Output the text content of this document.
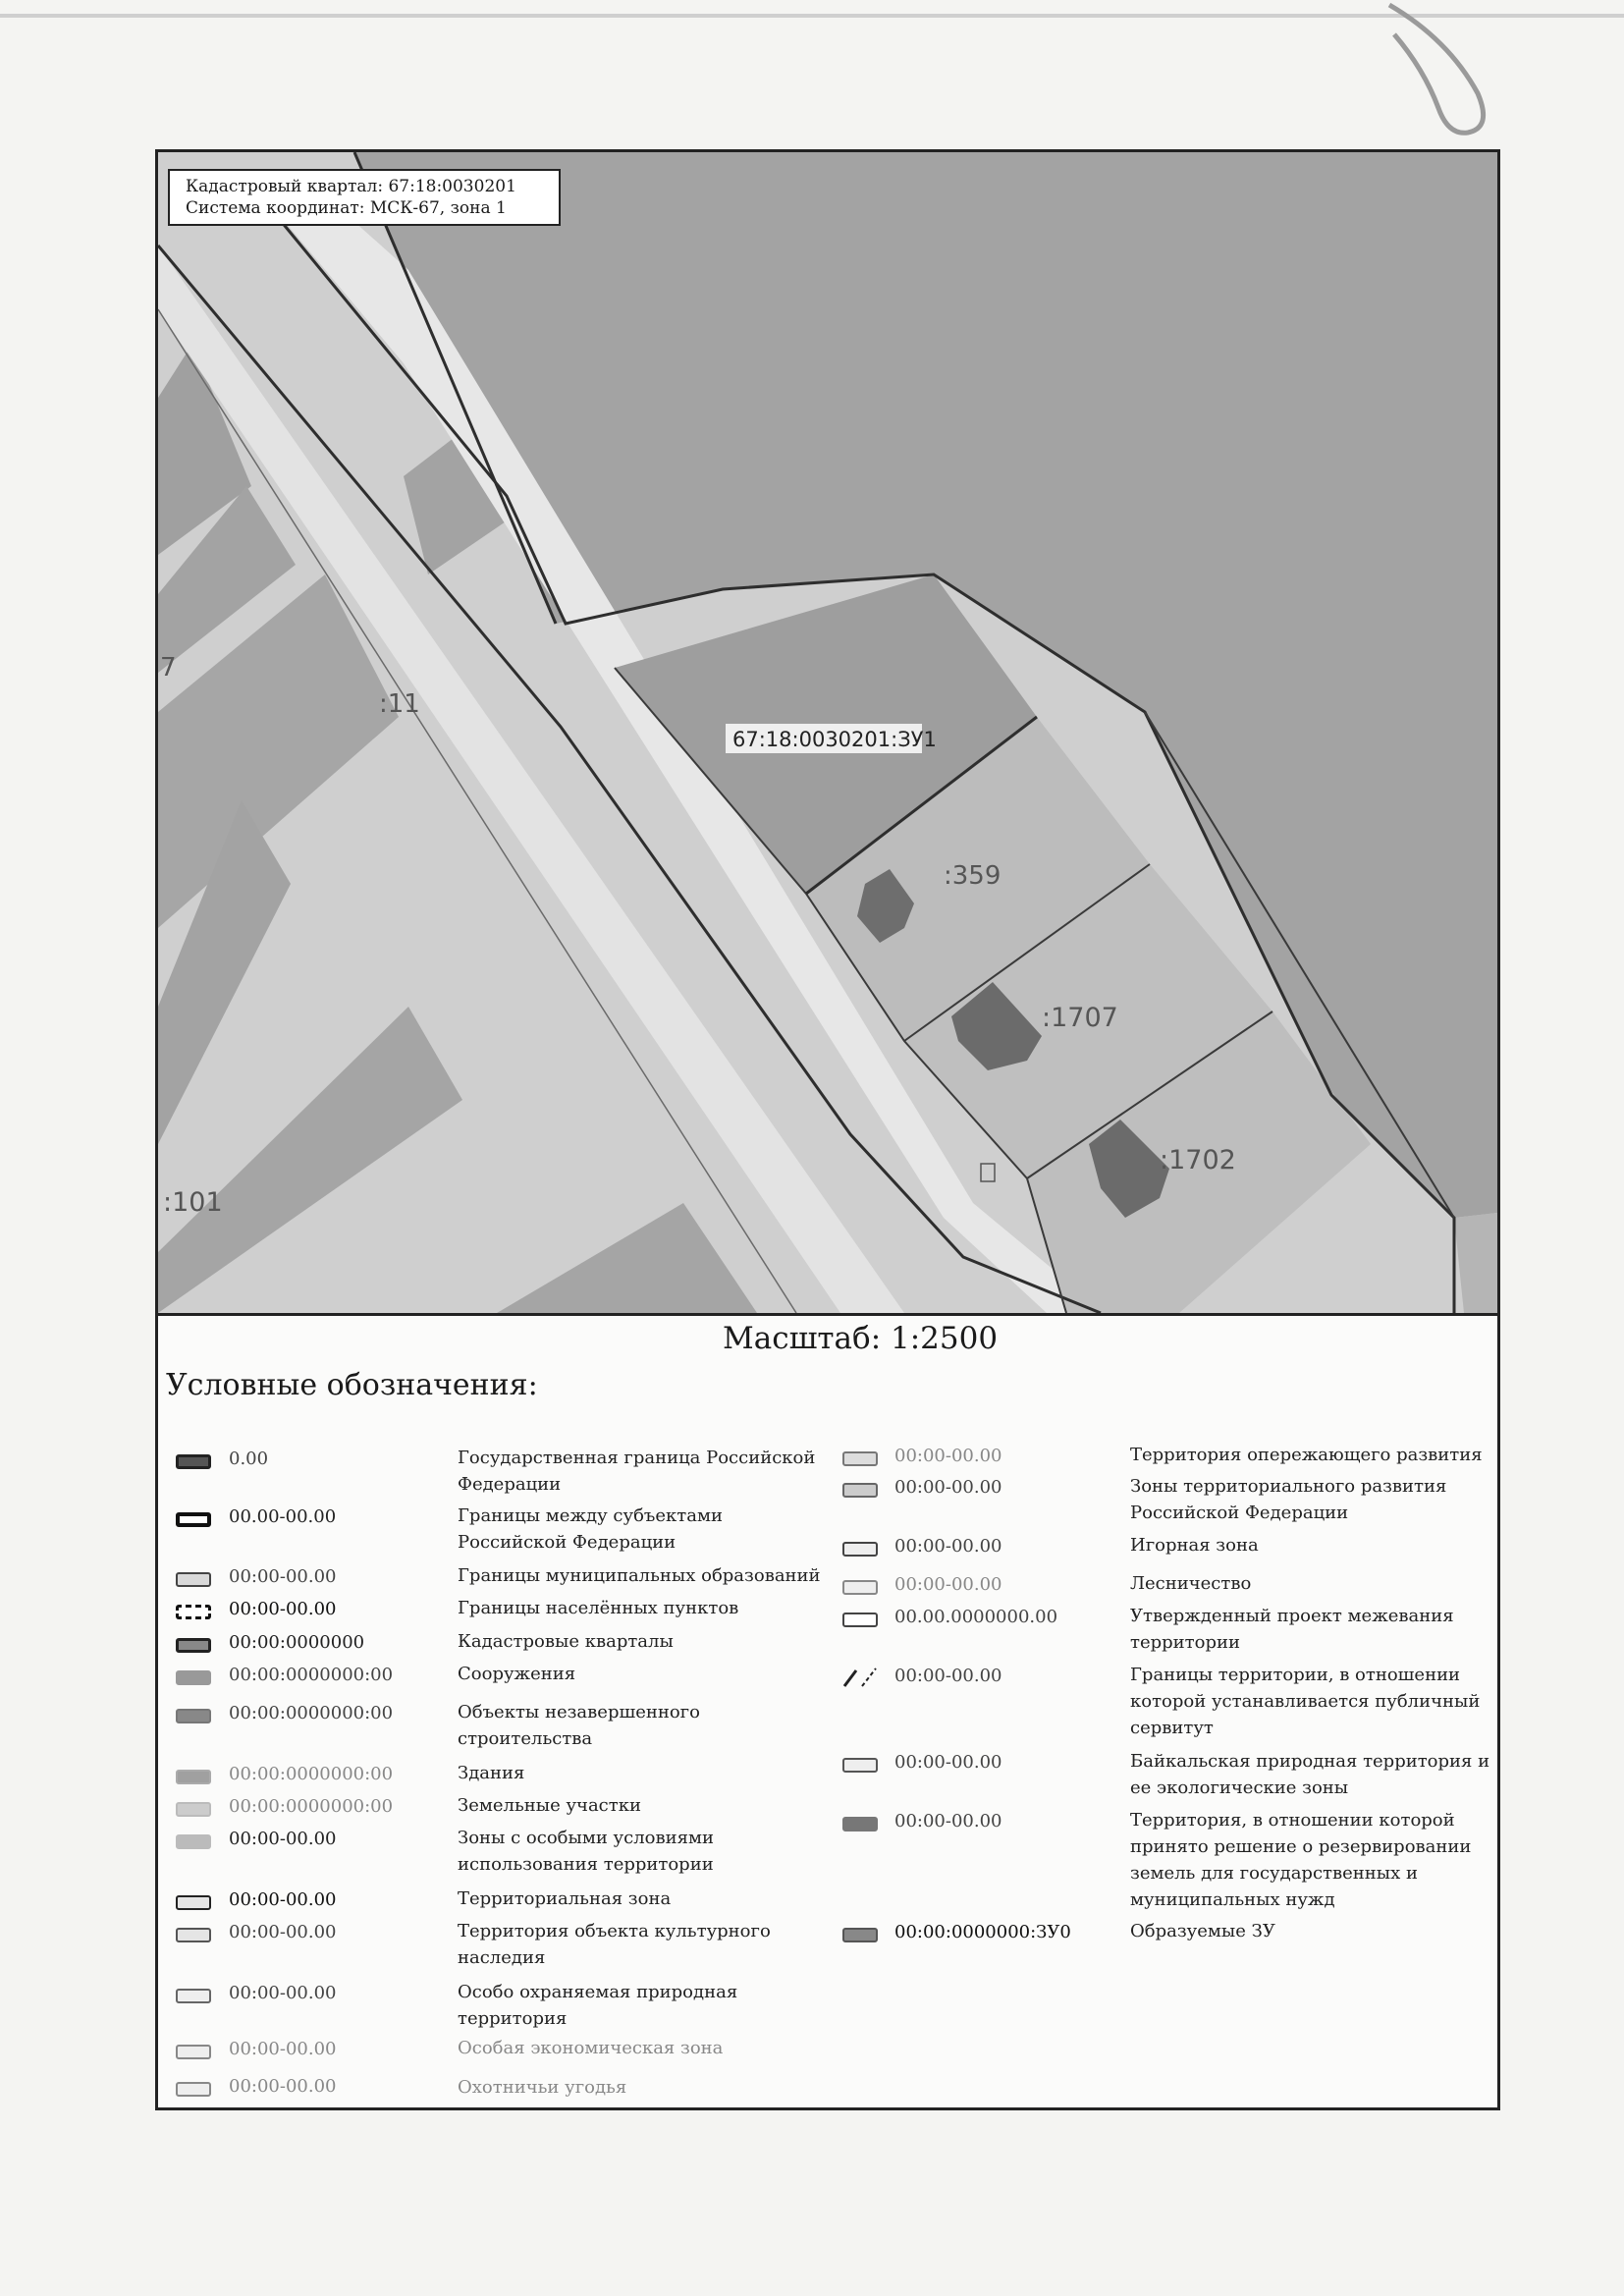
67:18:0030201:ЗУ1
:11
:359
:1707
:1702
:101
7
Кадастровый квартал: 67:18:0030201
Система координат: МСК-67, зона 1
Масштаб: 1:2500
Условные обозначения:
0.00	Государственная граница Российской Федерации
00.00-00.00	Границы между субъектами Российской Федерации
00:00-00.00	Границы муниципальных образований
00:00-00.00	Границы населённых пунктов
00:00:0000000	Кадастровые кварталы
00:00:0000000:00	Сооружения
00:00:0000000:00	Объекты незавершенного строительства
00:00:0000000:00	Здания
00:00:0000000:00	Земельные участки
00:00-00.00	Зоны с особыми условиями использования территории
00:00-00.00	Территориальная зона
00:00-00.00	Территория объекта культурного наследия
00:00-00.00	Особо охраняемая природная территория
00:00-00.00	Особая экономическая зона
00:00-00.00	Охотничьи угодья
00:00-00.00	Территория опережающего развития
00:00-00.00	Зоны территориального развития Российской Федерации
00:00-00.00	Игорная зона
00:00-00.00	Лесничество
00.00.0000000.00	Утвержденный проект межевания территории
00:00-00.00	Границы территории, в отношении которой устанавливается публичный сервитут
00:00-00.00	Байкальская природная территория и ее экологические зоны
00:00-00.00	Территория, в отношении которой принято решение о резервировании земель для государственных и муниципальных нужд
00:00:0000000:ЗУ0	Образуемые ЗУ
